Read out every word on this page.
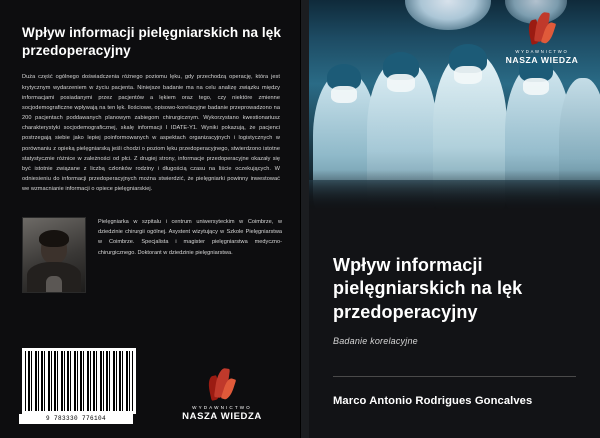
Wpływ informacji pielęgniarskich na lęk przedoperacyjny
Duża część ogólnego doświadczenia różnego poziomu lęku, gdy przechodzą operację, która jest krytycznym wydarzeniem w życiu pacjenta. Niniejsze badanie ma na celu analizę związku między informacjami posiadanymi przez pacjentów a lękiem oraz tego, czy niektóre zmienne socjodemograficzne wpływają na ten lęk. Ilościowe, opisowo-korelacyjne badanie przeprowadzono na 200 pacjentach poddawanych planowym zabiegom chirurgicznym. Wykorzystano kwestionariusz charakterystyki socjodemograficznej, skalę informacji I IDATE-Y1. Wyniki pokazują, że pacjenci postrzegają siebie jako lepiej poinformowanych w aspektach organizacyjnych i logistycznych w porównaniu z opieką pielęgniarską jeśli chodzi o poziom lęku przedoperacyjnego, stwierdzono istotne statystycznie różnice w zależności od płci. Z drugiej strony, informacje przedoperacyjne okazały się być istotnie związane z liczbą członków rodziny i długością czasu na liście oczekujących. W odniesieniu do informacji przedoperacyjnych można stwierdzić, że pielęgniarki powinny inwestować we wzmacnianie informacji o opiece pielęgniarskiej.
Pielęgniarka w szpitalu i centrum uniwersyteckim w Coimbrze, w dziedzinie chirurgii ogólnej. Asystent wizytujący w Szkole Pielęgniarstwa w Coimbrze. Specjalista i magister pielęgniarstwa medyczno-chirurgicznego. Doktorant w dziedzinie pielęgniarstwa.
9 783330 776104
WYDAWNICTWO
NASZA WIEDZA
WYDAWNICTWO
NASZA WIEDZA
Wpływ informacji pielęgniarskich na lęk przedoperacyjny
Badanie korelacyjne
Marco Antonio Rodrigues Goncalves
